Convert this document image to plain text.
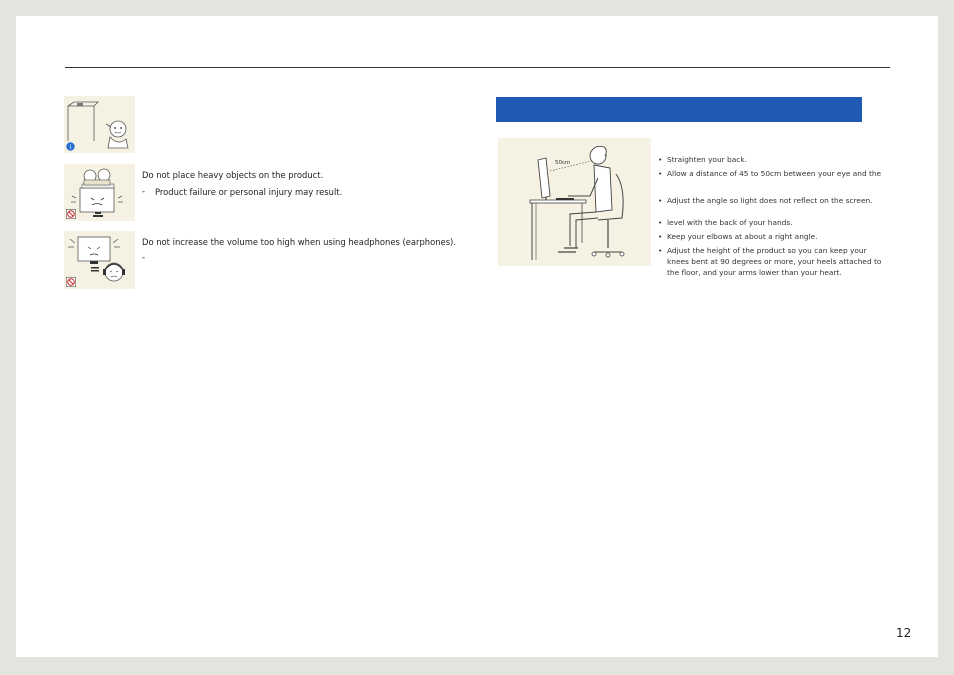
i
Do not place heavy objects on the product.
- Product failure or personal injury may result.
Do not increase the volume too high when using headphones (earphones).
-
50cm
•	Straighten your back.
• Allow a distance of 45 to 50cm between your eye and the
• Adjust the angle so light does not reflect on the screen.
• level with the back of your hands.
• Keep your elbows at about a right angle.
• Adjust the height of the product so you can keep your knees bent at 90 degrees or more, your heels attached to the floor, and your arms lower than your heart.
12
